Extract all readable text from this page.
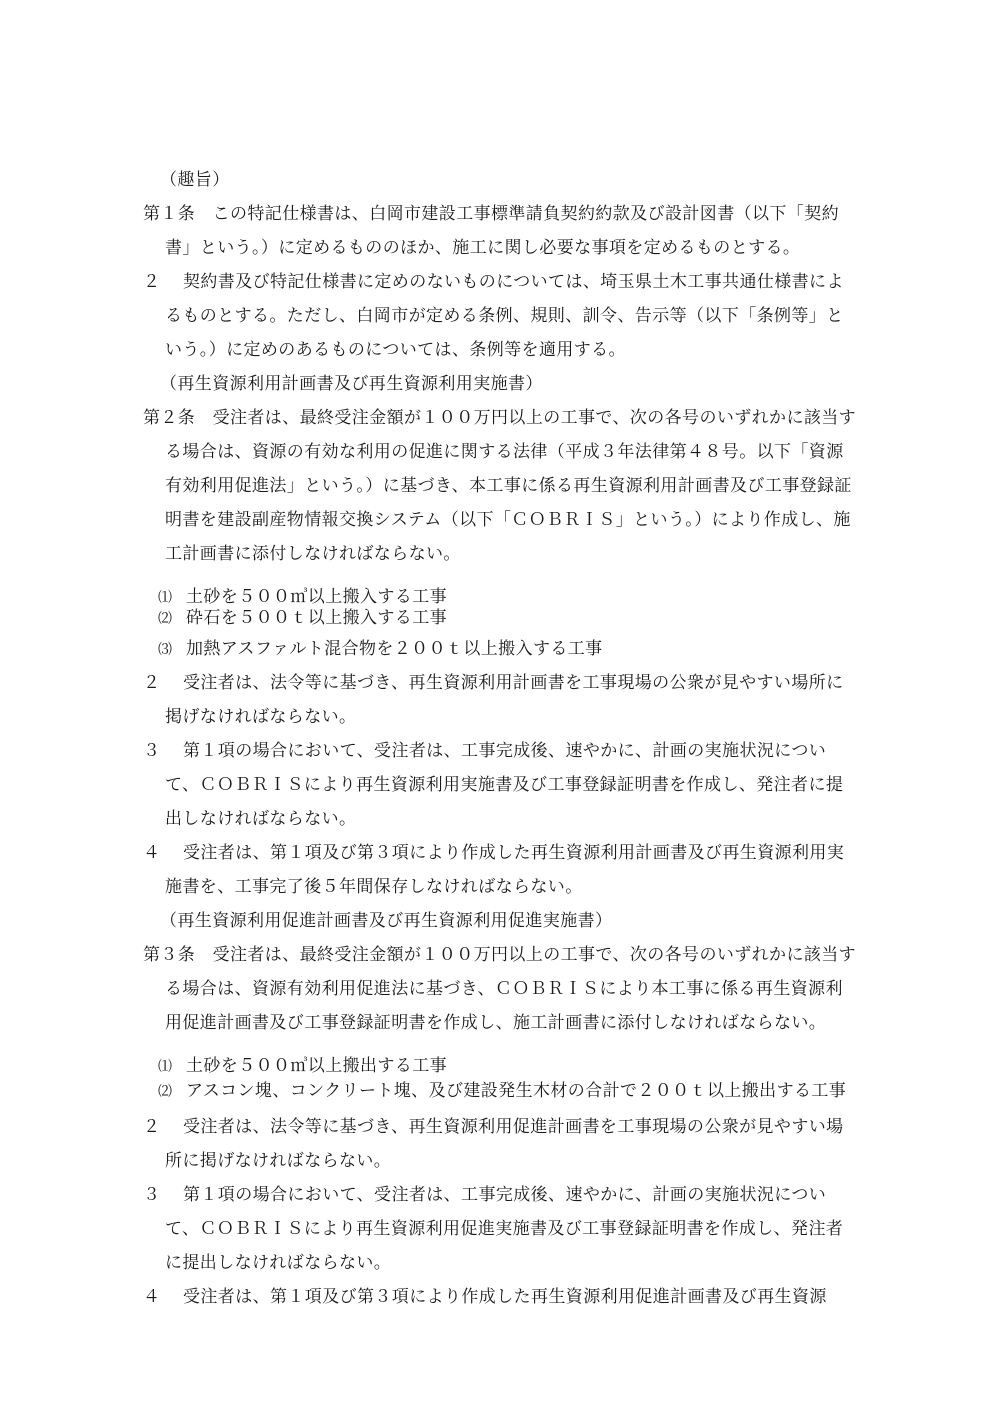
（趣旨）
第１条　この特記仕様書は、白岡市建設工事標準請負契約約款及び設計図書（以下「契約書」という。）に定めるもののほか、施工に関し必要な事項を定めるものとする。
２ 契約書及び特記仕様書に定めのないものについては、埼玉県土木工事共通仕様書によるものとする。ただし、白岡市が定める条例、規則、訓令、告示等（以下「条例等」という。）に定めのあるものについては、条例等を適用する。
（再生資源利用計画書及び再生資源利用実施書）
第２条　受注者は、最終受注金額が１００万円以上の工事で、次の各号のいずれかに該当する場合は、資源の有効な利用の促進に関する法律（平成３年法律第４８号。以下「資源有効利用促進法」という。）に基づき、本工事に係る再生資源利用計画書及び工事登録証明書を建設副産物情報交換システム（以下「ＣＯＢＲＩＳ」という。）により作成し、施工計画書に添付しなければならない。
⑴ 土砂を５００㎥以上搬入する工事
⑵ 砕石を５００ｔ以上搬入する工事
⑶ 加熱アスファルト混合物を２００ｔ以上搬入する工事
２ 受注者は、法令等に基づき、再生資源利用計画書を工事現場の公衆が見やすい場所に掲げなければならない。
３ 第１項の場合において、受注者は、工事完成後、速やかに、計画の実施状況について、ＣＯＢＲＩＳにより再生資源利用実施書及び工事登録証明書を作成し、発注者に提出しなければならない。
４ 受注者は、第１項及び第３項により作成した再生資源利用計画書及び再生資源利用実施書を、工事完了後５年間保存しなければならない。
（再生資源利用促進計画書及び再生資源利用促進実施書）
第３条　受注者は、最終受注金額が１００万円以上の工事で、次の各号のいずれかに該当する場合は、資源有効利用促進法に基づき、ＣＯＢＲＩＳにより本工事に係る再生資源利用促進計画書及び工事登録証明書を作成し、施工計画書に添付しなければならない。
⑴ 土砂を５００㎥以上搬出する工事
⑵ アスコン塊、コンクリート塊、及び建設発生木材の合計で２００ｔ以上搬出する工事
２ 受注者は、法令等に基づき、再生資源利用促進計画書を工事現場の公衆が見やすい場所に掲げなければならない。
３ 第１項の場合において、受注者は、工事完成後、速やかに、計画の実施状況について、ＣＯＢＲＩＳにより再生資源利用促進実施書及び工事登録証明書を作成し、発注者に提出しなければならない。
４ 受注者は、第１項及び第３項により作成した再生資源利用促進計画書及び再生資源
